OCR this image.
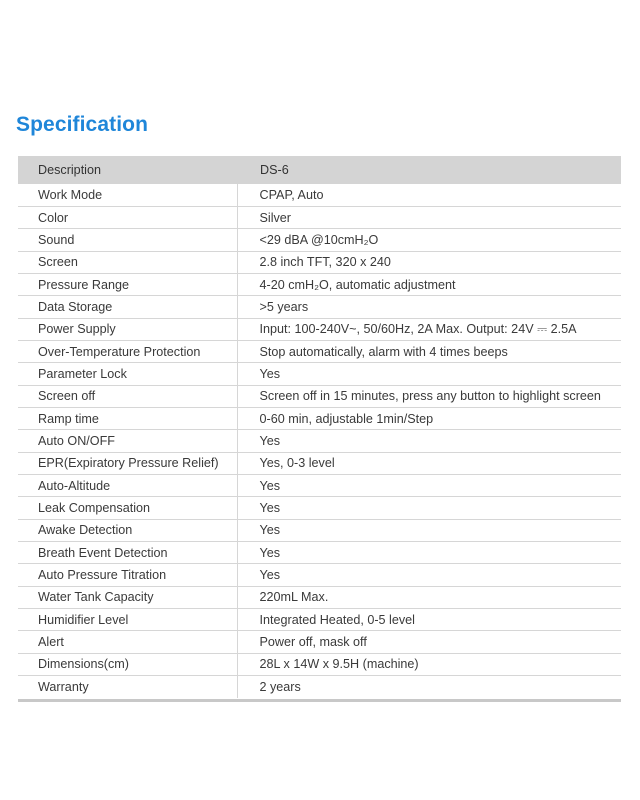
Specification
Description	DS-6
Work Mode	CPAP, Auto
Color	Silver
Sound	<29 dBA @10cmH₂O
Screen	2.8 inch TFT, 320 x 240
Pressure Range	4-20 cmH₂O, automatic adjustment
Data Storage	>5 years
Power Supply	Input: 100-240V~, 50/60Hz, 2A Max. Output: 24V ⎓ 2.5A
Over-Temperature Protection	Stop automatically, alarm with 4 times beeps
Parameter Lock	Yes
Screen off	Screen off in 15 minutes, press any button to highlight screen
Ramp time	0-60 min, adjustable 1min/Step
Auto ON/OFF	Yes
EPR(Expiratory Pressure Relief)	Yes, 0-3 level
Auto-Altitude	Yes
Leak Compensation	Yes
Awake Detection	Yes
Breath Event Detection	Yes
Auto Pressure Titration	Yes
Water Tank Capacity	220mL Max.
Humidifier Level	Integrated Heated, 0-5 level
Alert	Power off, mask off
Dimensions(cm)	28L x 14W x 9.5H (machine)
Warranty	2 years
